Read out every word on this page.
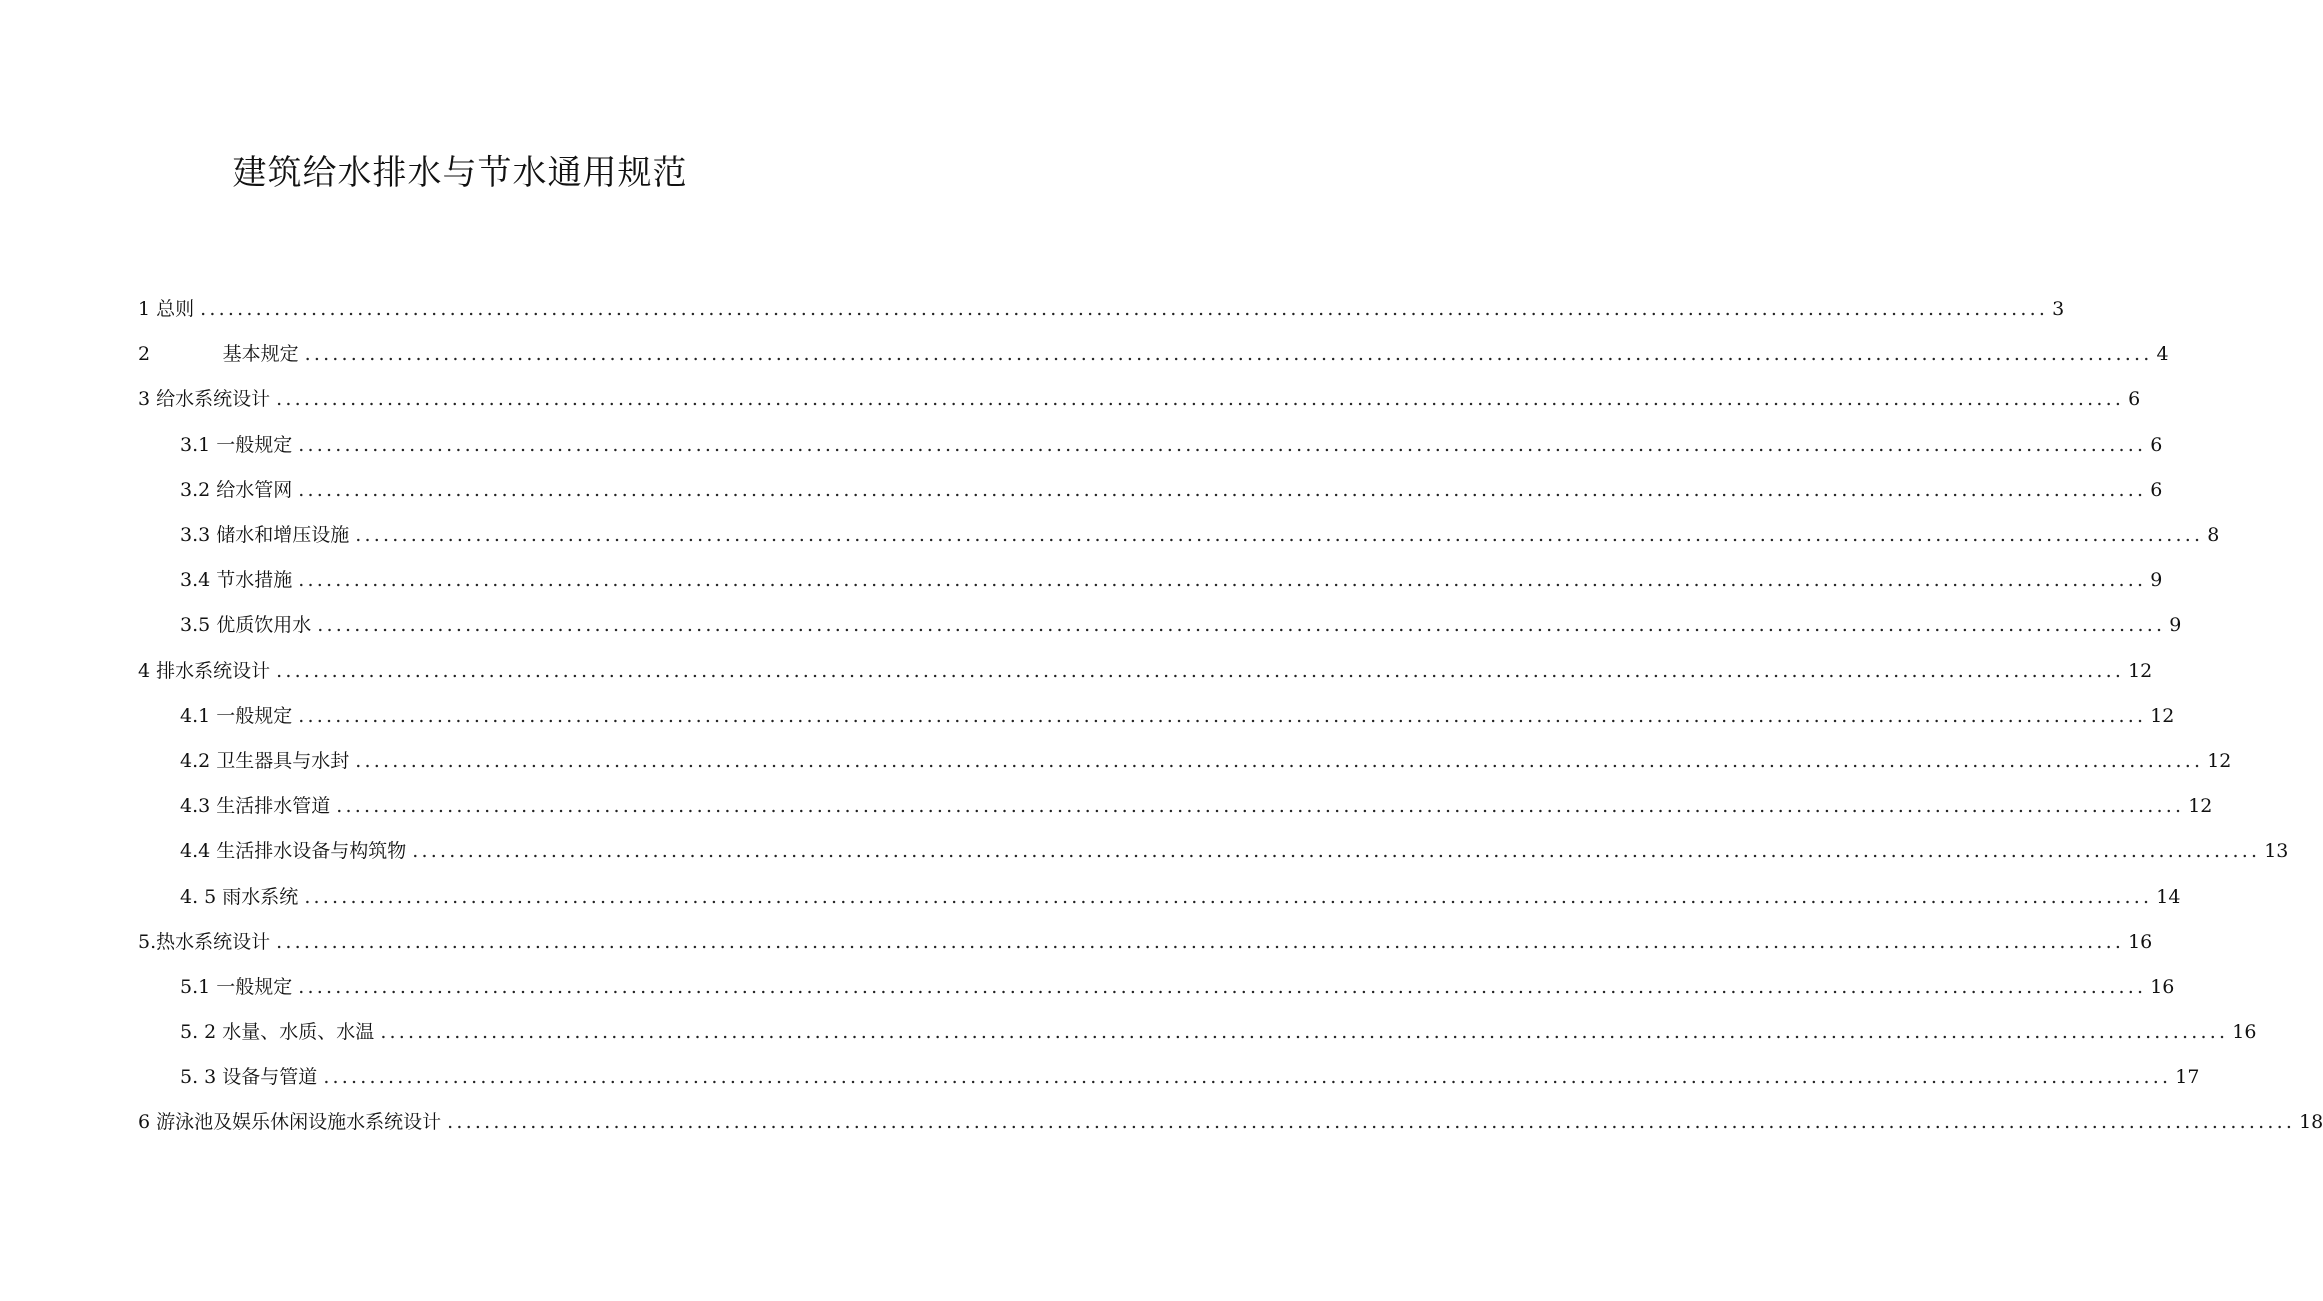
建筑给水排水与节水通用规范
1 总则 ........................................................................................................................................................................................................ 3
2 基本规定 ........................................................................................................................................................................................................ 4
3 给水系统设计 ........................................................................................................................................................................................................ 6
3.1 一般规定 ........................................................................................................................................................................................................ 6
3.2 给水管网 ........................................................................................................................................................................................................ 6
3.3 储水和增压设施 ........................................................................................................................................................................................................ 8
3.4 节水措施 ........................................................................................................................................................................................................ 9
3.5 优质饮用水 ........................................................................................................................................................................................................ 9
4 排水系统设计 ........................................................................................................................................................................................................ 12
4.1 一般规定 ........................................................................................................................................................................................................ 12
4.2 卫生器具与水封 ........................................................................................................................................................................................................ 12
4.3 生活排水管道 ........................................................................................................................................................................................................ 12
4.4 生活排水设备与构筑物 ........................................................................................................................................................................................................ 13
4. 5 雨水系统 ........................................................................................................................................................................................................ 14
5. 热水系统设计 ........................................................................................................................................................................................................ 16
5.1 一般规定 ........................................................................................................................................................................................................ 16
5. 2 水量、水质、水温 ........................................................................................................................................................................................................ 16
5. 3 设备与管道 ........................................................................................................................................................................................................ 17
6 游泳池及娱乐休闲设施水系统设计 ........................................................................................................................................................................................................ 18
